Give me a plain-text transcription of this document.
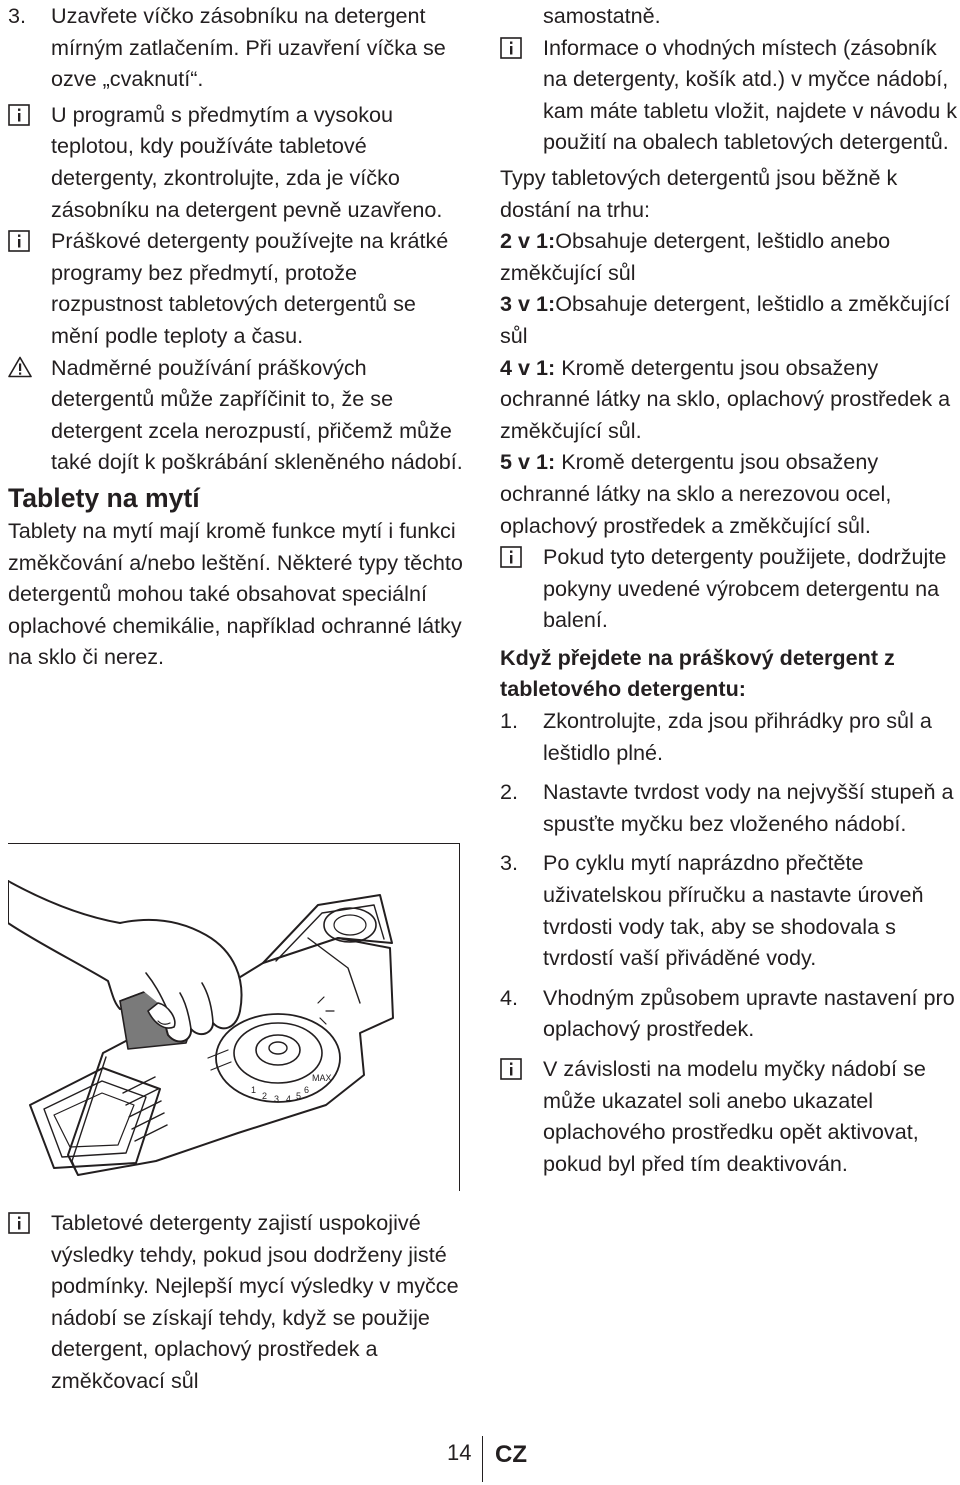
3.	Uzavřete víčko zásobníku na detergent mírným zatlačením. Při uzavření víčka se ozve „cvaknutí“.
U programů s předmytím a vysokou teplotou, kdy používáte tabletové detergenty, zkontrolujte, zda je víčko zásobníku na detergent pevně uzavřeno.
Práškové detergenty používejte na krátké programy bez předmytí, protože rozpustnost tabletových detergentů se mění podle teploty a času.
Nadměrné používání práškových detergentů může zapříčinit to, že se detergent zcela nerozpustí, přičemž může také dojít k poškrábání skleněného nádobí.
Tablety na mytí
Tablety na mytí mají kromě funkce mytí i funkci změkčování a/nebo leštění. Některé typy těchto detergentů mohou také obsahovat speciální oplachové chemikálie, například ochranné látky na sklo či nerez.
MAX
6
5
4
3
2
1
Tabletové detergenty zajistí uspokojivé výsledky tehdy, pokud jsou dodrženy jisté podmínky. Nejlepší mycí výsledky v myčce nádobí se získají tehdy, když se použije detergent, oplachový prostředek a změkčovací sůl
samostatně.
Informace o vhodných místech (zásobník na detergenty, košík atd.) v myčce nádobí, kam máte tabletu vložit, najdete v návodu k použití na obalech tabletových detergentů.
Typy tabletových detergentů jsou běžně k dostání na trhu:
2 v 1:Obsahuje detergent, leštidlo anebo změkčující sůl
3 v 1:Obsahuje detergent, leštidlo a změkčující sůl
4 v 1: Kromě detergentu jsou obsaženy ochranné látky na sklo, oplachový prostředek a změkčující sůl.
5 v 1: Kromě detergentu jsou obsaženy ochranné látky na sklo a nerezovou ocel, oplachový prostředek a změkčující sůl.
Pokud tyto detergenty použijete, dodržujte pokyny uvedené výrobcem detergentu na balení.
Když přejdete na práškový detergent z tabletového detergentu:
1.	Zkontrolujte, zda jsou přihrádky pro sůl a leštidlo plné.
2.	Nastavte tvrdost vody na nejvyšší stupeň a spusťte myčku bez vloženého nádobí.
3.	Po cyklu mytí naprázdno přečtěte uživatelskou příručku a nastavte úroveň tvrdosti vody tak, aby se shodovala s tvrdostí vaší přiváděné vody.
4.	Vhodným způsobem upravte nastavení pro oplachový prostředek.
V závislosti na modelu myčky nádobí se může ukazatel soli anebo ukazatel oplachového prostředku opět aktivovat, pokud byl před tím deaktivován.
14 CZ
